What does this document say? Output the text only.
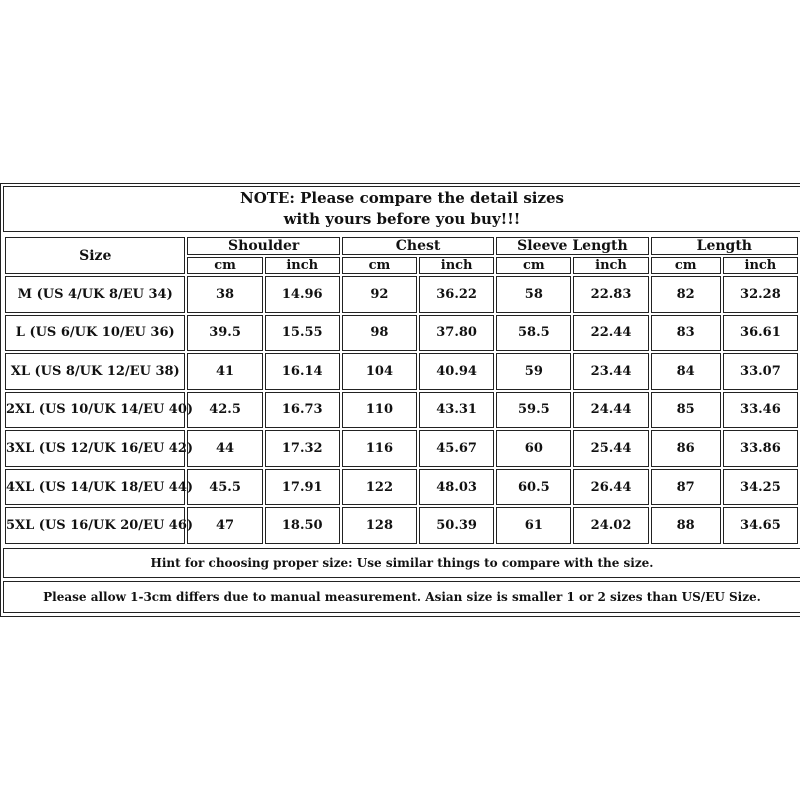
NOTE: Please compare the detail sizes
with yours before you buy!!!
Size	Shoulder		Chest		Sleeve Length		Length	
	cm	inch	cm	inch	cm	inch	cm	inch
M (US 4/UK 8/EU 34)	38	14.96	92	36.22	58	22.83	82	32.28
L (US 6/UK 10/EU 36)	39.5	15.55	98	37.80	58.5	22.44	83	36.61
XL (US 8/UK 12/EU 38)	41	16.14	104	40.94	59	23.44	84	33.07
2XL (US 10/UK 14/EU 40)	42.5	16.73	110	43.31	59.5	24.44	85	33.46
3XL (US 12/UK 16/EU 42)	44	17.32	116	45.67	60	25.44	86	33.86
4XL (US 14/UK 18/EU 44)	45.5	17.91	122	48.03	60.5	26.44	87	34.25
5XL (US 16/UK 20/EU 46)	47	18.50	128	50.39	61	24.02	88	34.65
Hint for choosing proper size: Use similar things to compare with the size.
Please allow 1-3cm differs due to manual measurement. Asian size is smaller 1 or 2 sizes than US/EU Size.
